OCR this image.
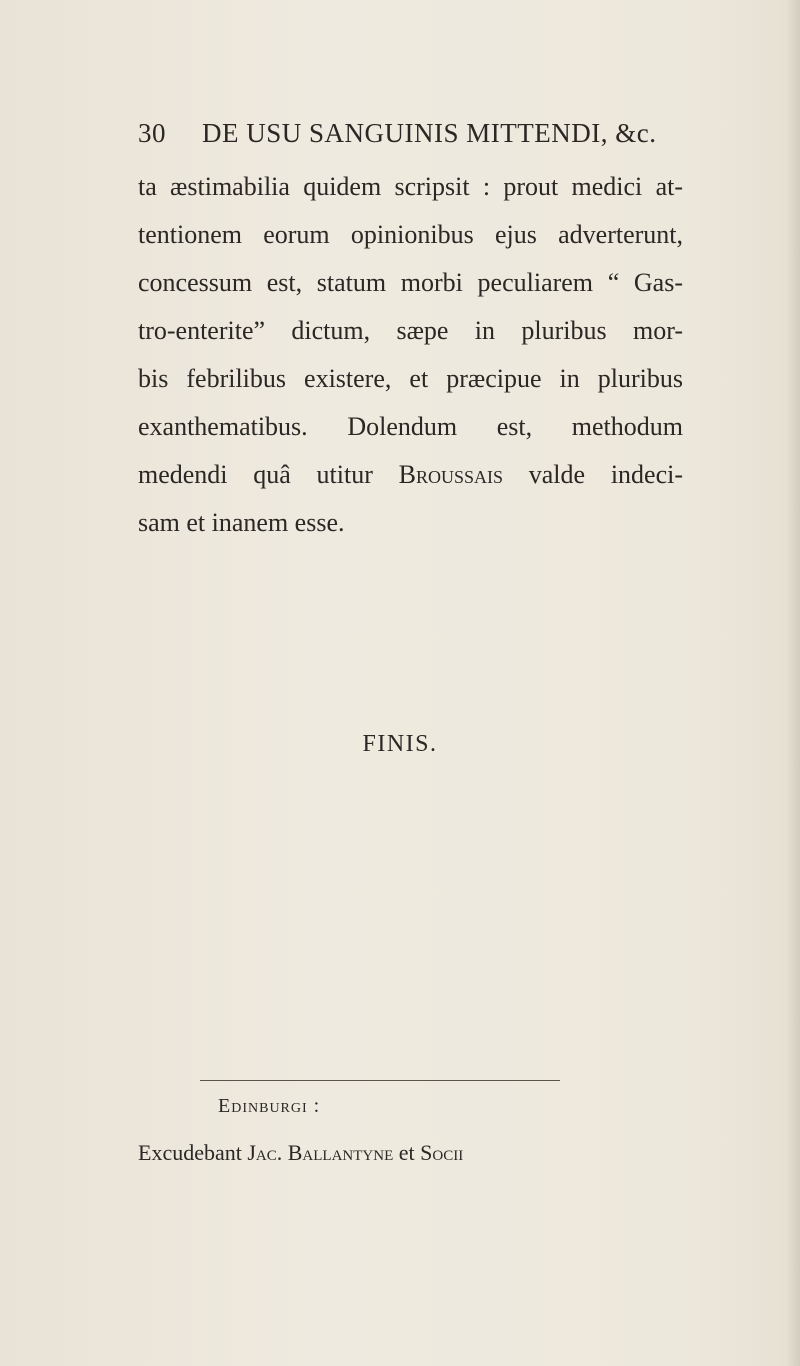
30 DE USU SANGUINIS MITTENDI, &c.
ta æstimabilia quidem scripsit : prout medici at-
tentionem eorum opinionibus ejus adverterunt,
concessum est, statum morbi peculiarem “ Gas-
tro-enterite” dictum, sæpe in pluribus mor-
bis febrilibus existere, et præcipue in pluribus
exanthematibus. Dolendum est, methodum
medendi quâ utitur Broussais valde indeci-
sam et inanem esse.
FINIS.
Edinburgi :
Excudebant Jac. Ballantyne et Socii
